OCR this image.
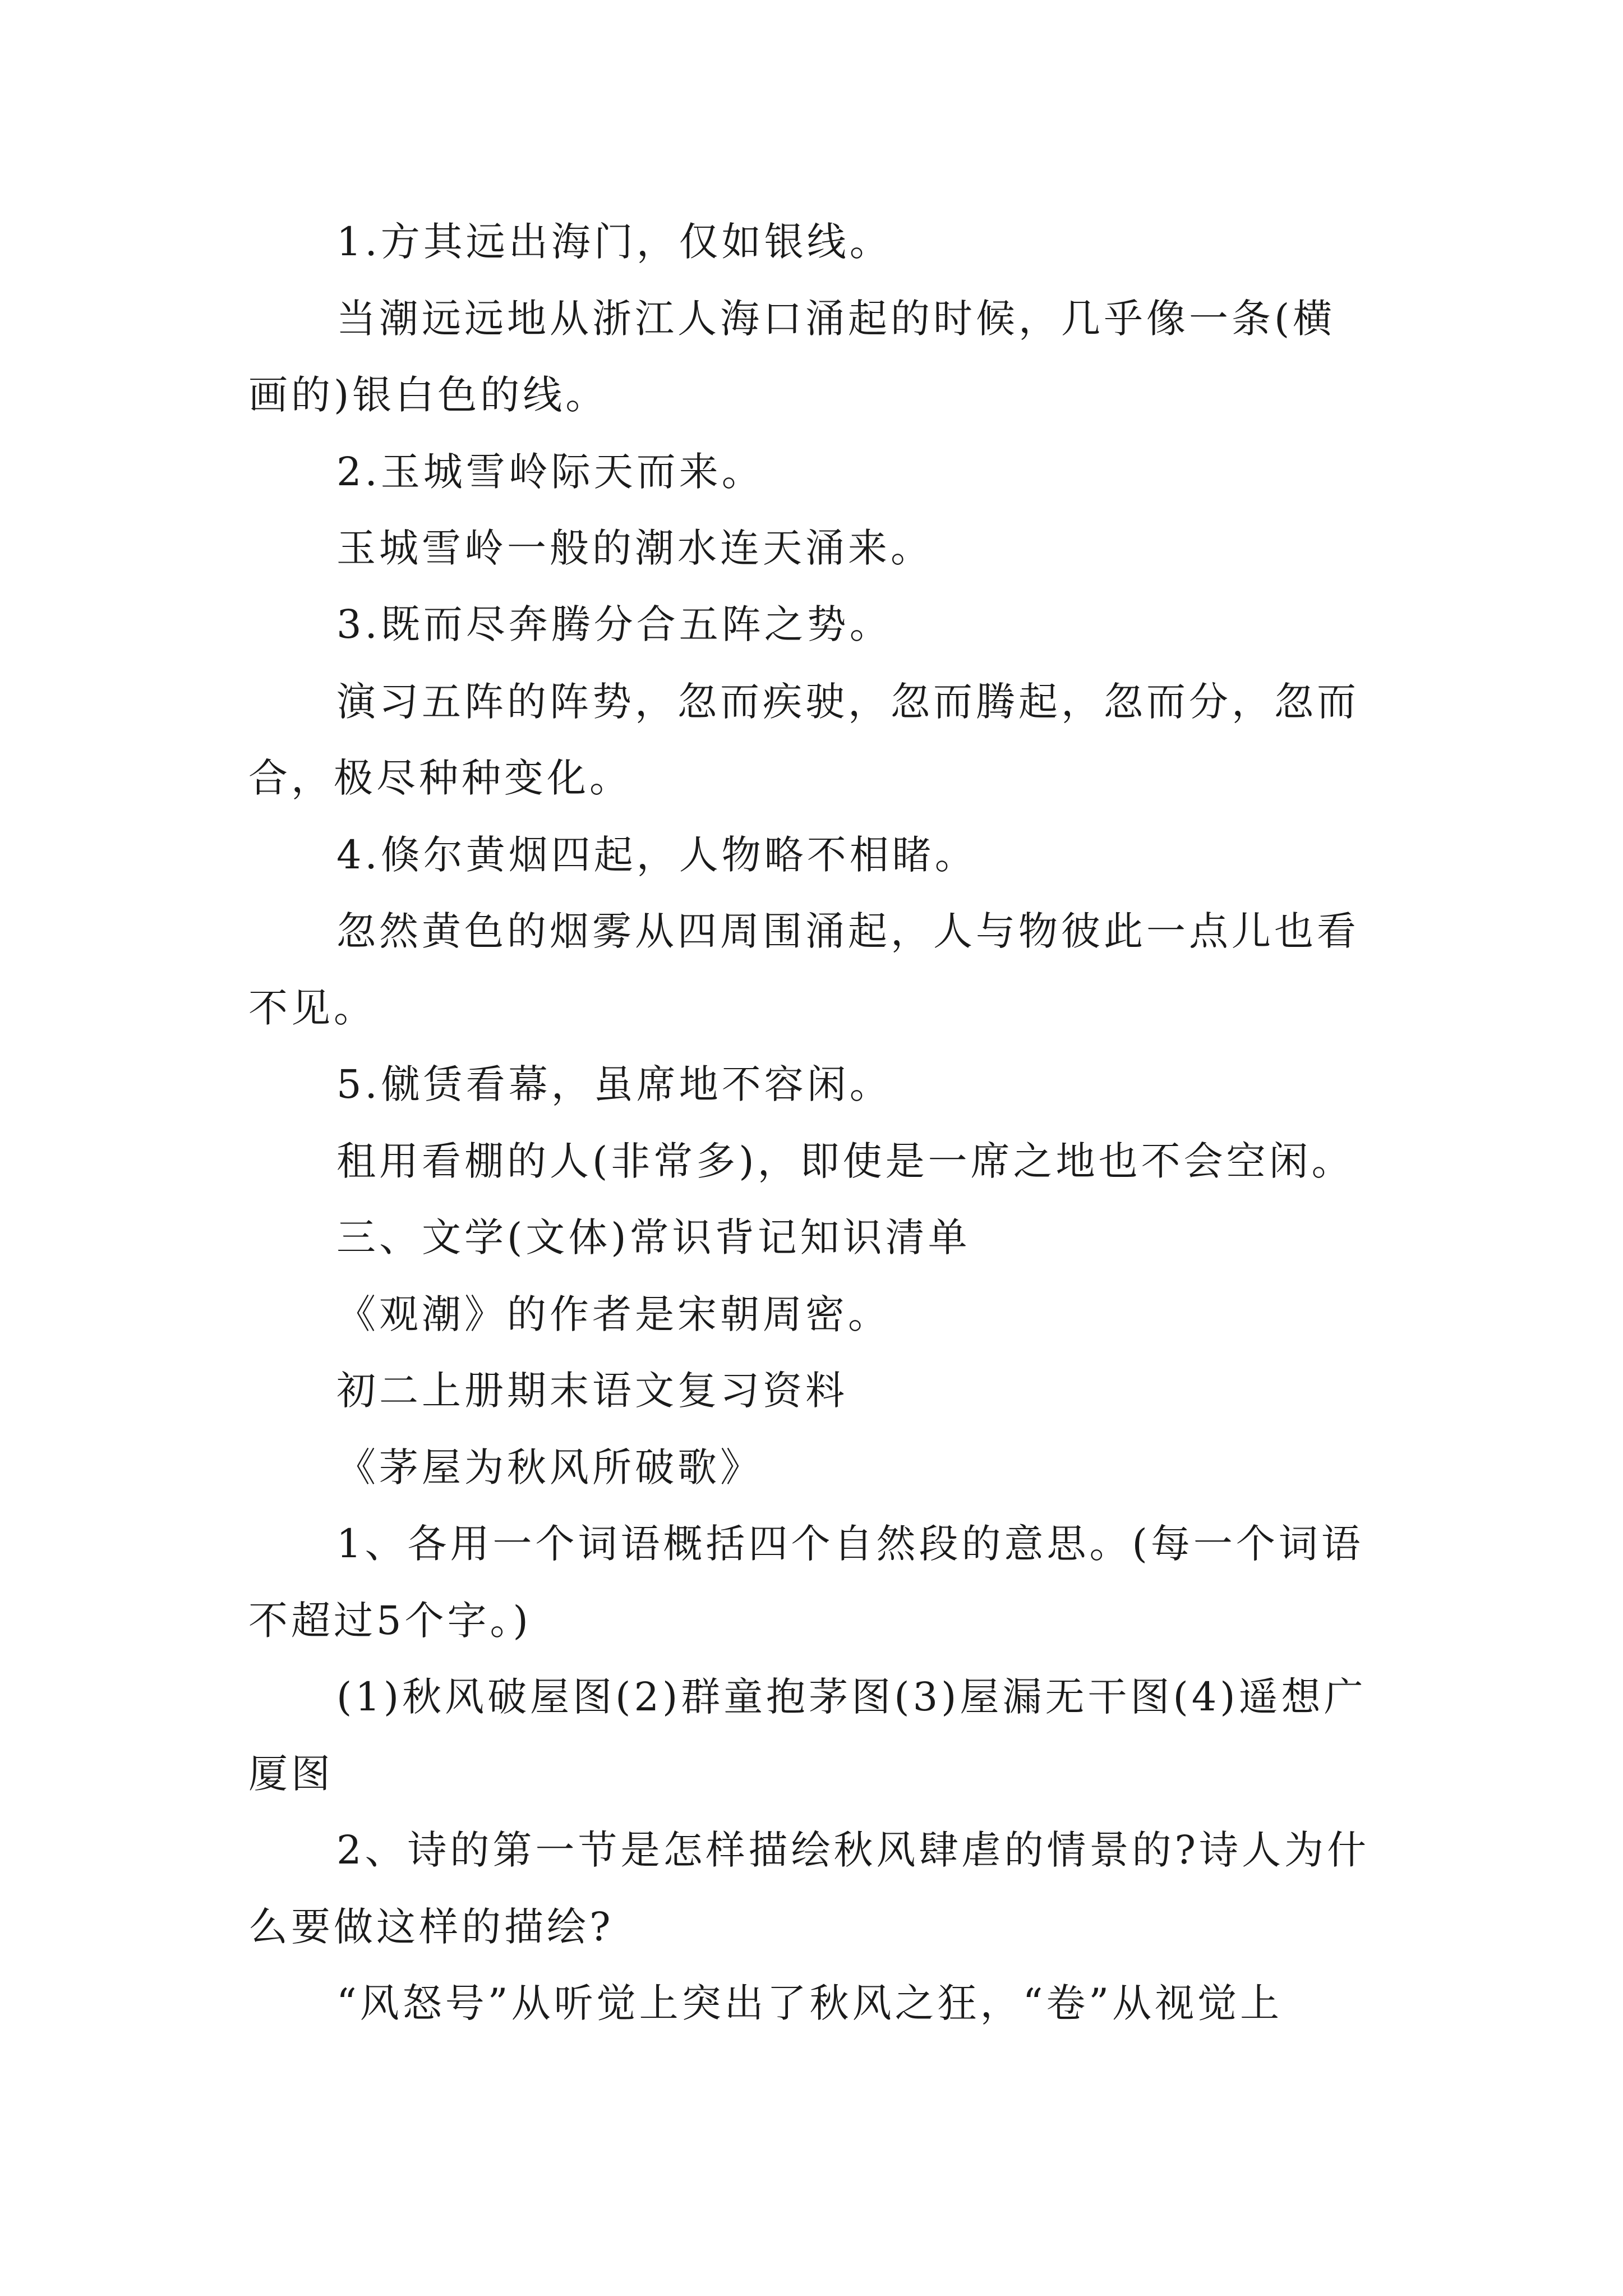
1.方其远出海门，仅如银线。
当潮远远地从浙江人海口涌起的时候，几乎像一条(横
画的)银白色的线。
2.玉城雪岭际天而来。
玉城雪岭一般的潮水连天涌来。
3.既而尽奔腾分合五阵之势。
演习五阵的阵势，忽而疾驶，忽而腾起，忽而分，忽而
合，极尽种种变化。
4.倏尔黄烟四起，人物略不相睹。
忽然黄色的烟雾从四周围涌起，人与物彼此一点儿也看
不见。
5.僦赁看幕，虽席地不容闲。
租用看棚的人(非常多)，即使是一席之地也不会空闲。
三、文学(文体)常识背记知识清单
《观潮》的作者是宋朝周密。
初二上册期末语文复习资料
《茅屋为秋风所破歌》
1、各用一个词语概括四个自然段的意思。(每一个词语
不超过5个字。)
(1)秋风破屋图(2)群童抱茅图(3)屋漏无干图(4)遥想广
厦图
2、诗的第一节是怎样描绘秋风肆虐的情景的?诗人为什
么要做这样的描绘?
“风怒号”从听觉上突出了秋风之狂，“卷”从视觉上
